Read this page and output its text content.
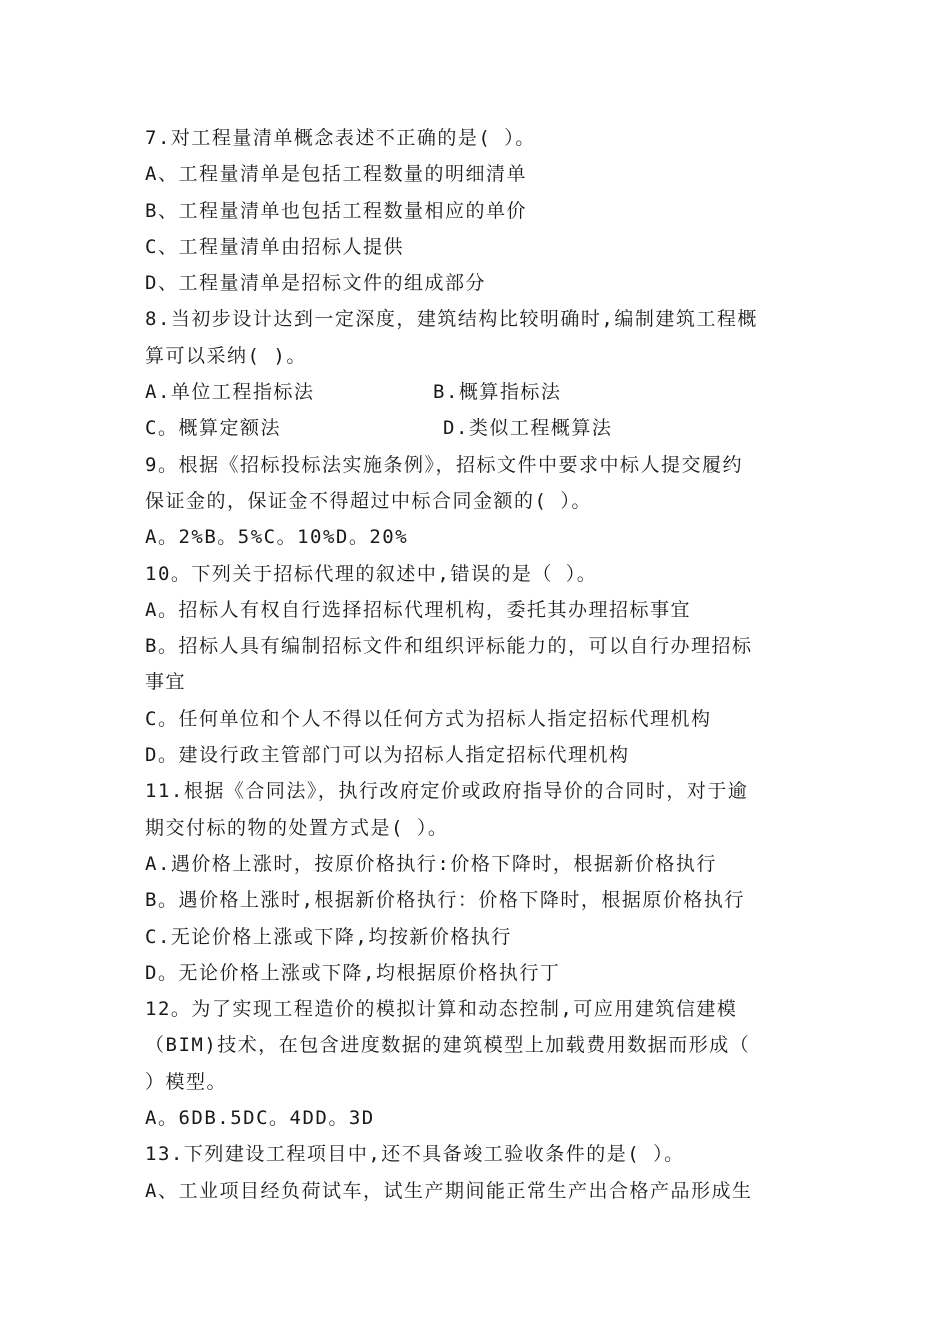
7.对工程量清单概念表述不正确的是( ）。
A、工程量清单是包括工程数量的明细清单
B、工程量清单也包括工程数量相应的单价
C、工程量清单由招标人提供
D、工程量清单是招标文件的组成部分
8.当初步设计达到一定深度，建筑结构比较明确时,编制建筑工程概
算可以采纳( )。
A.单位工程指标法	B.概算指标法
C。概算定额法	D.类似工程概算法
9。根据《招标投标法实施条例》，招标文件中要求中标人提交履约
保证金的，保证金不得超过中标合同金额的( ）。
A。2%B。5%C。10%D。20%
10。下列关于招标代理的叙述中,错误的是（ ）。
A。招标人有权自行选择招标代理机构，委托其办理招标事宜
B。招标人具有编制招标文件和组织评标能力的，可以自行办理招标
事宜
C。任何单位和个人不得以任何方式为招标人指定招标代理机构
D。建设行政主管部门可以为招标人指定招标代理机构
11.根据《合同法》，执行改府定价或政府指导价的合同时，对于逾
期交付标的物的处置方式是( ）。
A.遇价格上涨时，按原价格执行:价格下降时，根据新价格执行
B。遇价格上涨时,根据新价格执行：价格下降时，根据原价格执行
C.无论价格上涨或下降,均按新价格执行
D。无论价格上涨或下降,均根据原价格执行丁
12。为了实现工程造价的模拟计算和动态控制,可应用建筑信建模
（BIM)技术，在包含进度数据的建筑模型上加载费用数据而形成（
）模型。
A。6DB.5DC。4DD。3D
13.下列建设工程项目中,还不具备竣工验收条件的是( ）。
A、工业项目经负荷试车，试生产期间能正常生产出合格产品形成生
